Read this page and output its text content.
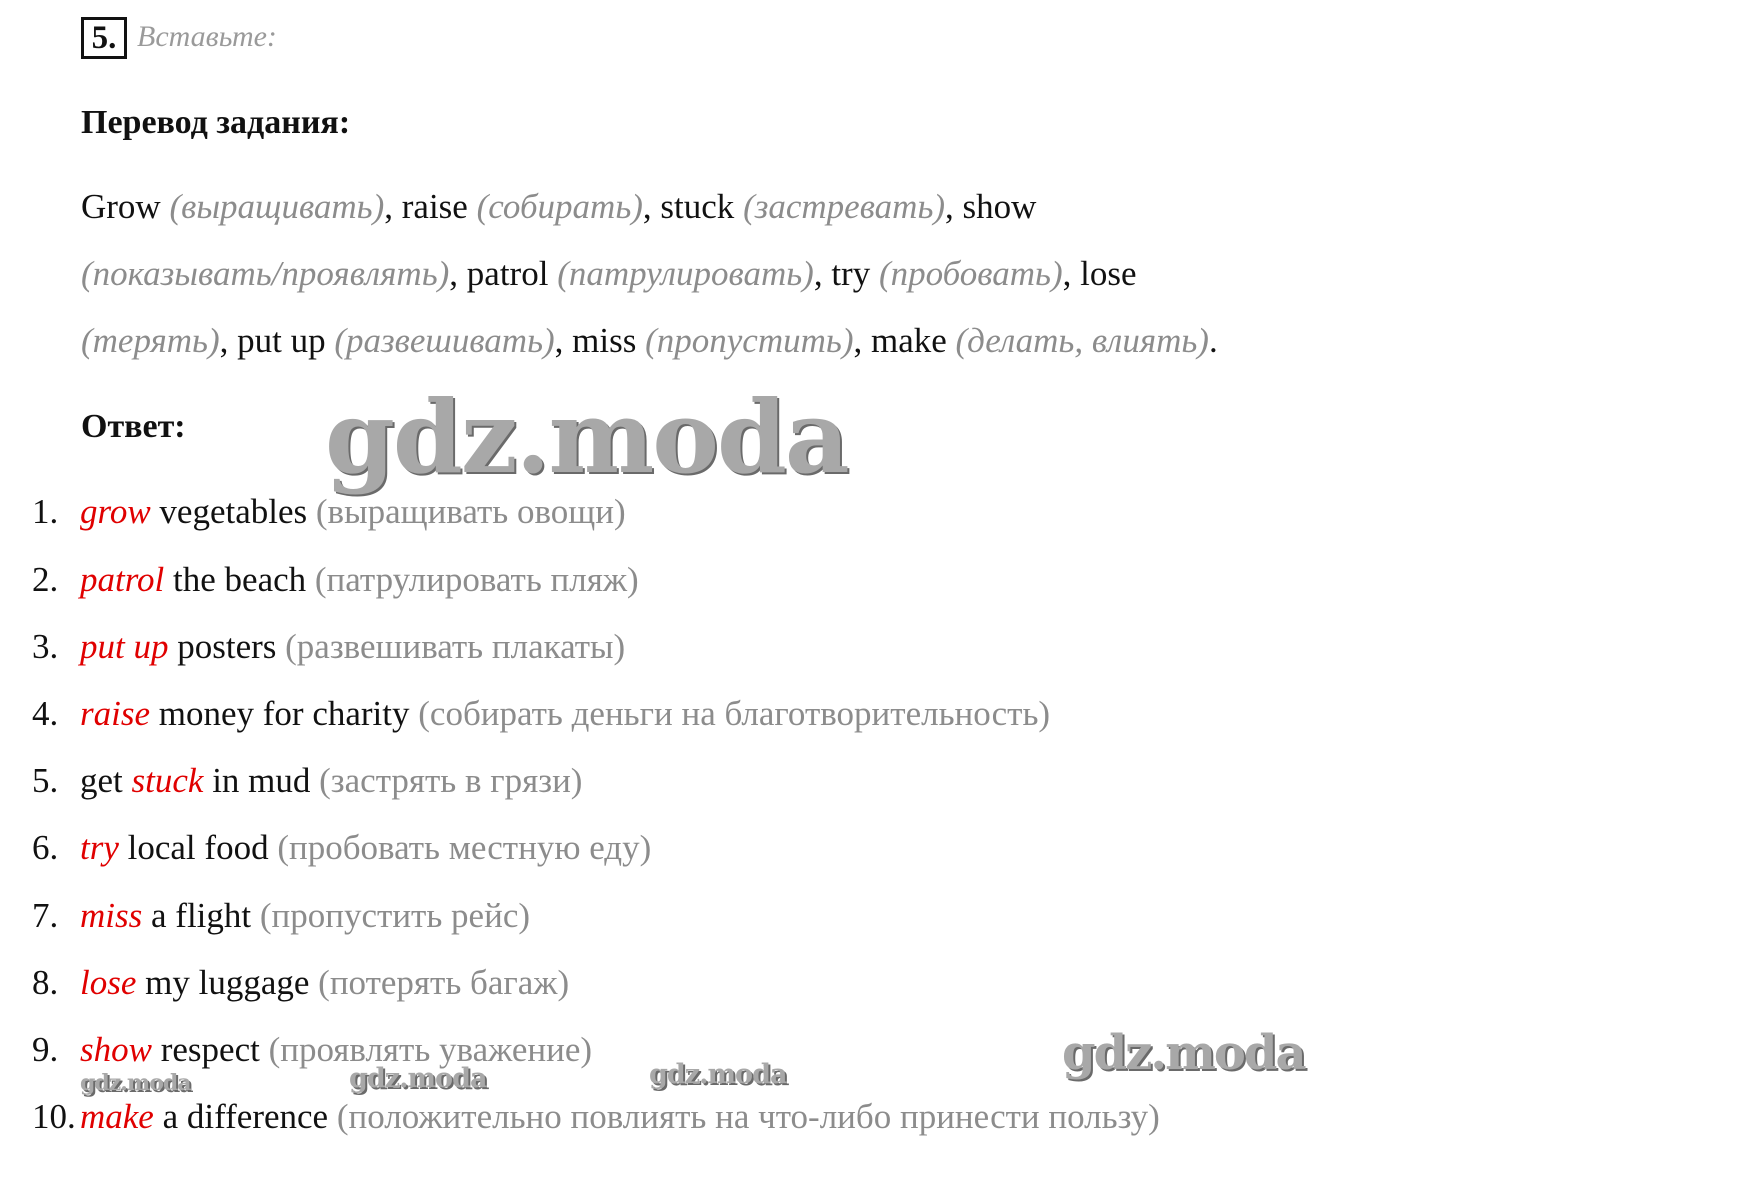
5. Вставьте:
Перевод задания:
Grow (выращивать), raise (собирать), stuck (застревать), show
(показывать/проявлять), patrol (патрулировать), try (пробовать), lose
(терять), put up (развешивать), miss (пропустить), make (делать, влиять).
Ответ:
1. grow vegetables (выращивать овощи)
2. patrol the beach (патрулировать пляж)
3. put up posters (развешивать плакаты)
4. raise money for charity (собирать деньги на благотворительность)
5. get stuck in mud (застрять в грязи)
6. try local food (пробовать местную еду)
7. miss a flight (пропустить рейс)
8. lose my luggage (потерять багаж)
9. show respect (проявлять уважение)
10. make a difference (положительно повлиять на что-либо принести пользу)
gdz.moda
gdz.moda
gdz.moda	gdz.moda	gdz.moda
